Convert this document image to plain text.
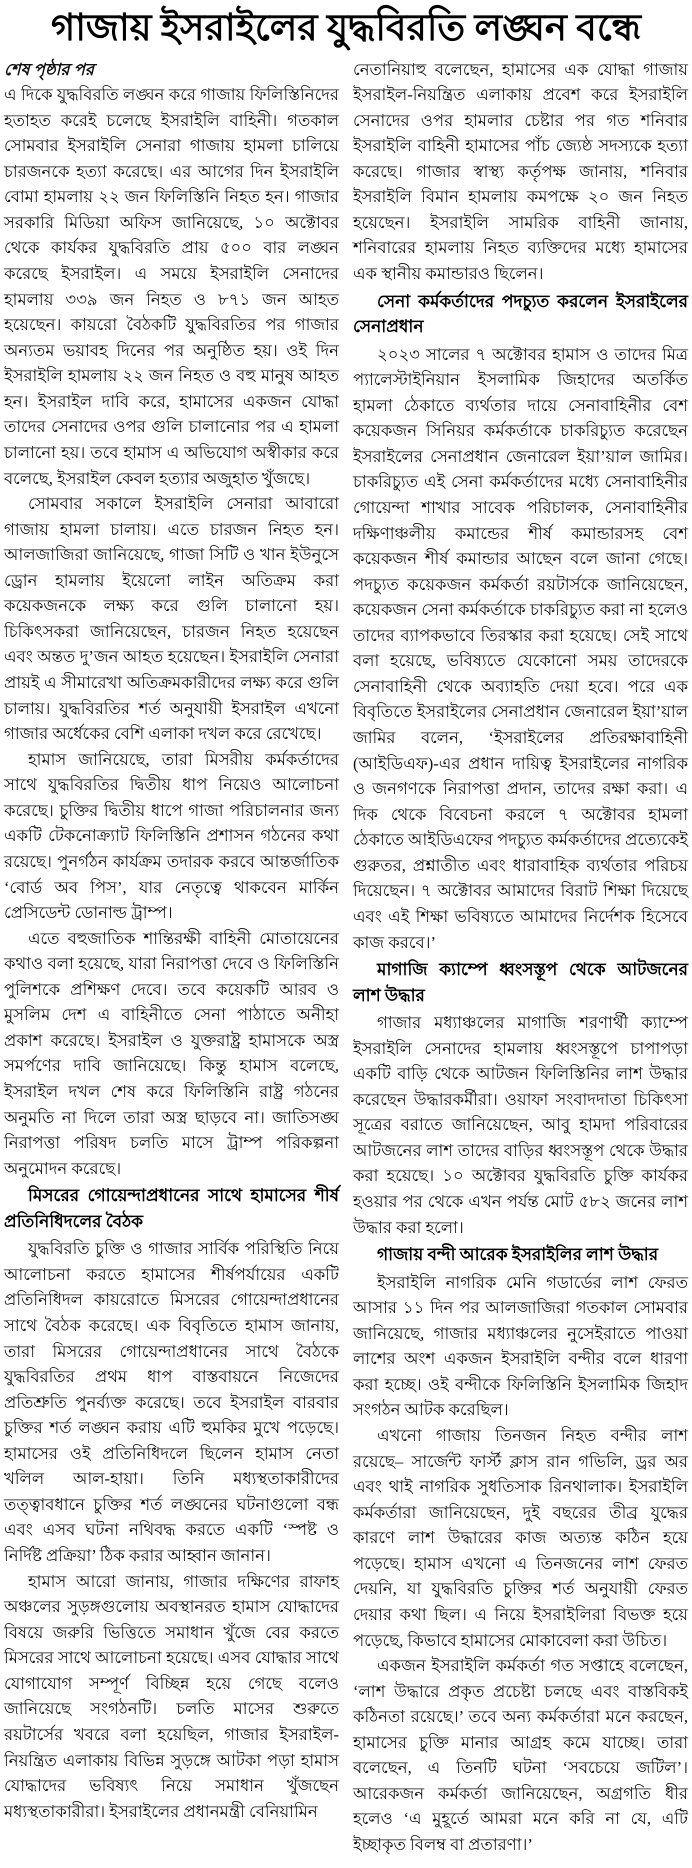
গাজায় ইসরাইলের যুদ্ধবিরতি লঙ্ঘন বন্ধে

শেষ পৃষ্ঠার পর

এ দিকে যুদ্ধবিরতি লঙ্ঘন করে গাজায় ফিলিস্তিনিদের হতাহত করেই চলেছে ইসরাইলি বাহিনী। গতকাল সোমবার ইসরাইলি সেনারা গাজায় হামলা চালিয়ে চারজনকে হত্যা করেছে। এর আগের দিন ইসরাইলি বোমা হামলায় ২২ জন ফিলিস্তিনি নিহত হন। গাজার সরকারি মিডিয়া অফিস জানিয়েছে, ১০ অক্টোবর থেকে কার্যকর যুদ্ধবিরতি প্রায় ৫০০ বার লঙ্ঘন করেছে ইসরাইল। এ সময়ে ইসরাইলি সেনাদের হামলায় ৩৩৯ জন নিহত ও ৮৭১ জন আহত হয়েছেন। কায়রো বৈঠকটি যুদ্ধবিরতির পর গাজার অন্যতম ভয়াবহ দিনের পর অনুষ্ঠিত হয়। ওই দিন ইসরাইলি হামলায় ২২ জন নিহত ও বহু মানুষ আহত হন। ইসরাইল দাবি করে, হামাসের একজন যোদ্ধা তাদের সেনাদের ওপর গুলি চালানোর পর এ হামলা চালানো হয়। তবে হামাস এ অভিযোগ অস্বীকার করে বলেছে, ইসরাইল কেবল হত্যার অজুহাত খুঁজছে।

সোমবার সকালে ইসরাইলি সেনারা আবারো গাজায় হামলা চালায়। এতে চারজন নিহত হন। আলজাজিরা জানিয়েছে, গাজা সিটি ও খান ইউনুসে ড্রোন হামলায় ইয়েলো লাইন অতিক্রম করা কয়েকজনকে লক্ষ্য করে গুলি চালানো হয়। চিকিৎসকরা জানিয়েছেন, চারজন নিহত হয়েছেন এবং অন্তত দু’জন আহত হয়েছেন। ইসরাইলি সেনারা প্রায়ই এ সীমারেখা অতিক্রমকারীদের লক্ষ্য করে গুলি চালায়। যুদ্ধবিরতির শর্ত অনুযায়ী ইসরাইল এখনো গাজার অর্ধেকের বেশি এলাকা দখল করে রেখেছে।

হামাস জানিয়েছে, তারা মিসরীয় কর্মকর্তাদের সাথে যুদ্ধবিরতির দ্বিতীয় ধাপ নিয়েও আলোচনা করেছে। চুক্তির দ্বিতীয় ধাপে গাজা পরিচালনার জন্য একটি টেকনোক্র্যাট ফিলিস্তিনি প্রশাসন গঠনের কথা রয়েছে। পুনর্গঠন কার্যক্রম তদারক করবে আন্তর্জাতিক ‘বোর্ড অব পিস’, যার নেতৃত্বে থাকবেন মার্কিন প্রেসিডেন্ট ডোনাল্ড ট্রাম্প।

এতে বহুজাতিক শান্তিরক্ষী বাহিনী মোতায়েনের কথাও বলা হয়েছে, যারা নিরাপত্তা দেবে ও ফিলিস্তিনি পুলিশকে প্রশিক্ষণ দেবে। তবে কয়েকটি আরব ও মুসলিম দেশ এ বাহিনীতে সেনা পাঠাতে অনীহা প্রকাশ করেছে। ইসরাইল ও যুক্তরাষ্ট্র হামাসকে অস্ত্র সমর্পণের দাবি জানিয়েছে। কিন্তু হামাস বলেছে, ইসরাইল দখল শেষ করে ফিলিস্তিনি রাষ্ট্র গঠনের অনুমতি না দিলে তারা অস্ত্র ছাড়বে না। জাতিসঙ্ঘ নিরাপত্তা পরিষদ চলতি মাসে ট্রাম্প পরিকল্পনা অনুমোদন করেছে।

মিসরের গোয়েন্দাপ্রধানের সাথে হামাসের শীর্ষ প্রতিনিধিদলের বৈঠক

যুদ্ধবিরতি চুক্তি ও গাজার সার্বিক পরিস্থিতি নিয়ে আলোচনা করতে হামাসের শীর্ষপর্যায়ের একটি প্রতিনিধিদল কায়রোতে মিসরের গোয়েন্দাপ্রধানের সাথে বৈঠক করেছে। এক বিবৃতিতে হামাস জানায়, তারা মিসরের গোয়েন্দাপ্রধানের সাথে বৈঠকে যুদ্ধবিরতির প্রথম ধাপ বাস্তবায়নে নিজেদের প্রতিশ্রুতি পুনর্ব্যক্ত করেছে। তবে ইসরাইল বারবার চুক্তির শর্ত লঙ্ঘন করায় এটি হুমকির মুখে পড়েছে। হামাসের ওই প্রতিনিধিদলে ছিলেন হামাস নেতা খলিল আল-হায়া। তিনি মধ্যস্থতাকারীদের তত্ত্বাবধানে চুক্তির শর্ত লঙ্ঘনের ঘটনাগুলো বন্ধ এবং এসব ঘটনা নথিবদ্ধ করতে একটি ‘স্পষ্ট ও নির্দিষ্ট প্রক্রিয়া’ ঠিক করার আহ্বান জানান।

হামাস আরো জানায়, গাজার দক্ষিণের রাফাহ অঞ্চলের সুড়ঙ্গগুলোয় অবস্থানরত হামাস যোদ্ধাদের বিষয়ে জরুরি ভিত্তিতে সমাধান খুঁজে বের করতে মিসরের সাথে আলোচনা হয়েছে। এসব যোদ্ধার সাথে যোগাযোগ সম্পূর্ণ বিচ্ছিন্ন হয়ে গেছে বলেও জানিয়েছে সংগঠনটি। চলতি মাসের শুরুতে রয়টার্সের খবরে বলা হয়েছিল, গাজার ইসরাইল-নিয়ন্ত্রিত এলাকায় বিভিন্ন সুড়ঙ্গে আটকা পড়া হামাস যোদ্ধাদের ভবিষ্যৎ নিয়ে সমাধান খুঁজছেন মধ্যস্থতাকারীরা। ইসরাইলের প্রধানমন্ত্রী বেনিয়ামিন

নেতানিয়াহু বলেছেন, হামাসের এক যোদ্ধা গাজায় ইসরাইল-নিয়ন্ত্রিত এলাকায় প্রবেশ করে ইসরাইলি সেনাদের ওপর হামলার চেষ্টার পর গত শনিবার ইসরাইলি বাহিনী হামাসের পাঁচ জ্যেষ্ঠ সদস্যকে হত্যা করেছে। গাজার স্বাস্থ্য কর্তৃপক্ষ জানায়, শনিবার ইসরাইলি বিমান হামলায় কমপক্ষে ২০ জন নিহত হয়েছেন। ইসরাইলি সামরিক বাহিনী জানায়, শনিবারের হামলায় নিহত ব্যক্তিদের মধ্যে হামাসের এক স্থানীয় কমান্ডারও ছিলেন।

সেনা কর্মকর্তাদের পদচ্যুত করলেন ইসরাইলের সেনাপ্রধান

২০২৩ সালের ৭ অক্টোবর হামাস ও তাদের মিত্র প্যালেস্টাইনিয়ান ইসলামিক জিহাদের অতর্কিত হামলা ঠেকাতে ব্যর্থতার দায়ে সেনাবাহিনীর বেশ কয়েকজন সিনিয়র কর্মকর্তাকে চাকরিচ্যুত করেছেন ইসরাইলের সেনাপ্রধান জেনারেল ইয়া’য়াল জামির। চাকরিচ্যুত এই সেনা কর্মকর্তাদের মধ্যে সেনাবাহিনীর গোয়েন্দা শাখার সাবেক পরিচালক, সেনাবাহিনীর দক্ষিণাঞ্চলীয় কমান্ডের শীর্ষ কমান্ডারসহ বেশ কয়েকজন শীর্ষ কমান্ডার আছেন বলে জানা গেছে। পদচ্যুত কয়েকজন কর্মকর্তা রয়টার্সকে জানিয়েছেন, কয়েকজন সেনা কর্মকর্তাকে চাকরিচ্যুত করা না হলেও তাদের ব্যাপকভাবে তিরস্কার করা হয়েছে। সেই সাথে বলা হয়েছে, ভবিষ্যতে যেকোনো সময় তাদেরকে সেনাবাহিনী থেকে অব্যাহতি দেয়া হবে। পরে এক বিবৃতিতে ইসরাইলের সেনাপ্রধান জেনারেল ইয়া’য়াল জামির বলেন, ‘ইসরাইলের প্রতিরক্ষাবাহিনী (আইডিএফ)-এর প্রধান দায়িত্ব ইসরাইলের নাগরিক ও জনগণকে নিরাপত্তা প্রদান, তাদের রক্ষা করা। এ দিক থেকে বিবেচনা করলে ৭ অক্টোবর হামলা ঠেকাতে আইডিএফের পদচ্যুত কর্মকর্তাদের প্রত্যেকেই গুরুতর, প্রশ্নাতীত এবং ধারাবাহিক ব্যর্থতার পরিচয় দিয়েছেন। ৭ অক্টোবর আমাদের বিরাট শিক্ষা দিয়েছে এবং এই শিক্ষা ভবিষ্যতে আমাদের নির্দেশক হিসেবে কাজ করবে।’

মাগাজি ক্যাম্পে ধ্বংসস্তূপ থেকে আটজনের লাশ উদ্ধার

গাজার মধ্যাঞ্চলের মাগাজি শরণার্থী ক্যাম্পে ইসরাইলি সেনাদের হামলায় ধ্বংসস্তূপে চাপাপড়া একটি বাড়ি থেকে আটজন ফিলিস্তিনির লাশ উদ্ধার করেছেন উদ্ধারকর্মীরা। ওয়াফা সংবাদদাতা চিকিৎসা সূত্রের বরাতে জানিয়েছেন, আবু হামদা পরিবারের আটজনের লাশ তাদের বাড়ির ধ্বংসস্তূপ থেকে উদ্ধার করা হয়েছে। ১০ অক্টোবর যুদ্ধবিরতি চুক্তি কার্যকর হওয়ার পর থেকে এখন পর্যন্ত মোট ৫৮২ জনের লাশ উদ্ধার করা হলো।

গাজায় বন্দী আরেক ইসরাইলির লাশ উদ্ধার

ইসরাইলি নাগরিক মেনি গডার্ডের লাশ ফেরত আসার ১১ দিন পর আলজাজিরা গতকাল সোমবার জানিয়েছে, গাজার মধ্যাঞ্চলের নুসেইরাতে পাওয়া লাশের অংশ একজন ইসরাইলি বন্দীর বলে ধারণা করা হচ্ছে। ওই বন্দীকে ফিলিস্তিনি ইসলামিক জিহাদ সংগঠন আটক করেছিল।

এখনো গাজায় তিনজন নিহত বন্দীর লাশ রয়েছে– সার্জেন্ট ফার্স্ট ক্লাস রান গভিলি, ড্রর অর এবং থাই নাগরিক সুধতিসাক রিনথালাক। ইসরাইলি কর্মকর্তারা জানিয়েছেন, দুই বছরের তীব্র যুদ্ধের কারণে লাশ উদ্ধারের কাজ অত্যন্ত কঠিন হয়ে পড়েছে। হামাস এখনো এ তিনজনের লাশ ফেরত দেয়নি, যা যুদ্ধবিরতি চুক্তির শর্ত অনুযায়ী ফেরত দেয়ার কথা ছিল। এ নিয়ে ইসরাইলিরা বিভক্ত হয়ে পড়েছে, কিভাবে হামাসের মোকাবেলা করা উচিত।

একজন ইসরাইলি কর্মকর্তা গত সপ্তাহে বলেছেন, ‘লাশ উদ্ধারে প্রকৃত প্রচেষ্টা চলছে এবং বাস্তবিকই কঠিনতা রয়েছে।’ তবে অন্য কর্মকর্তারা মনে করছেন, হামাসের চুক্তি মানার আগ্রহ কমে যাচ্ছে। তারা বলেছেন, এ তিনটি ঘটনা ‘সবচেয়ে জটিল’। আরেকজন কর্মকর্তা জানিয়েছেন, অগ্রগতি ধীর হলেও ‘এ মুহূর্তে আমরা মনে করি না যে, এটি ইচ্ছাকৃত বিলম্ব বা প্রতারণা।’
